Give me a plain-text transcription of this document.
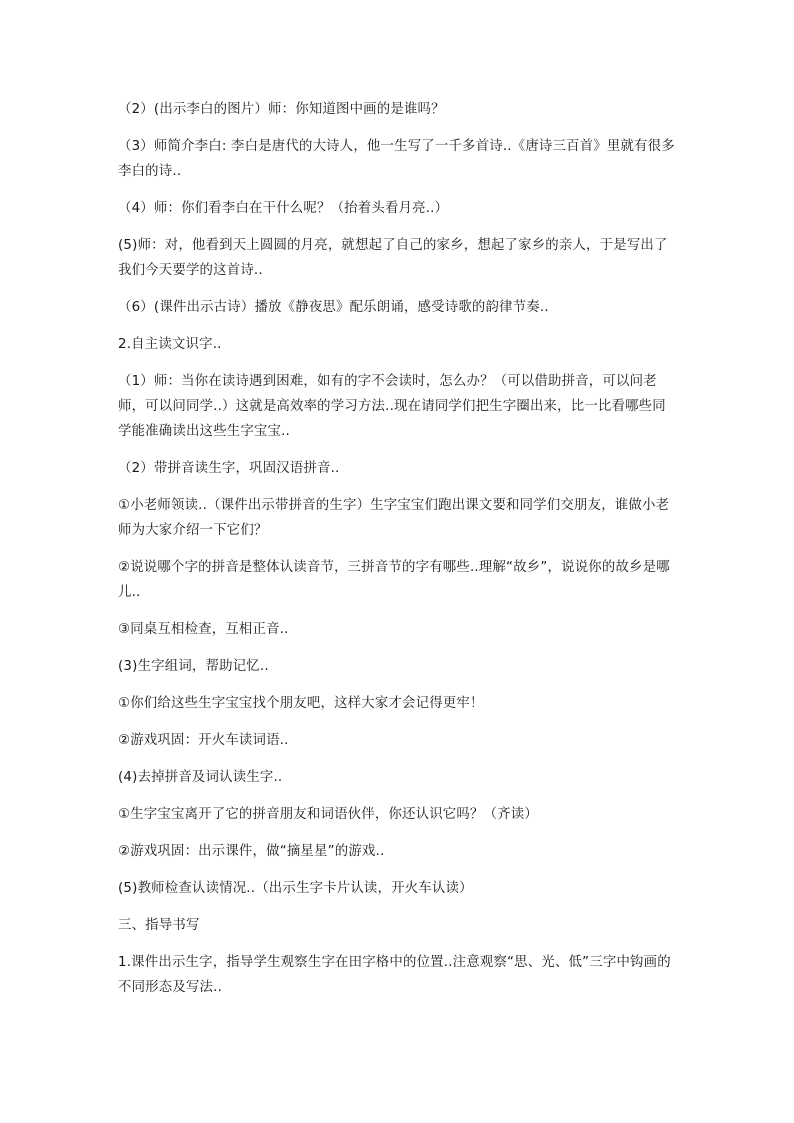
（2）(出示李白的图片）师：你知道图中画的是谁吗？

（3）师简介李白: 李白是唐代的大诗人，他一生写了一千多首诗..《唐诗三百首》里就有很多李白的诗..

（4）师：你们看李白在干什么呢？（抬着头看月亮..）

(5)师：对，他看到天上圆圆的月亮，就想起了自己的家乡，想起了家乡的亲人，于是写出了我们今天要学的这首诗..

（6）(课件出示古诗）播放《静夜思》配乐朗诵，感受诗歌的韵律节奏..

2.自主读文识字..

（1）师：当你在读诗遇到困难，如有的字不会读时，怎么办？（可以借助拼音，可以问老师，可以问同学..）这就是高效率的学习方法..现在请同学们把生字圈出来，比一比看哪些同学能准确读出这些生字宝宝..

（2）带拼音读生字，巩固汉语拼音..

①小老师领读..（课件出示带拼音的生字）生字宝宝们跑出课文要和同学们交朋友，谁做小老师为大家介绍一下它们？

②说说哪个字的拼音是整体认读音节，三拼音节的字有哪些..理解“故乡”，说说你的故乡是哪儿..

③同桌互相检查，互相正音..

(3)生字组词，帮助记忆..

①你们给这些生字宝宝找个朋友吧，这样大家才会记得更牢！

②游戏巩固：开火车读词语..

(4)去掉拼音及词认读生字..

①生字宝宝离开了它的拼音朋友和词语伙伴，你还认识它吗？（齐读）

②游戏巩固：出示课件，做“摘星星”的游戏..

(5)教师检查认读情况..（出示生字卡片认读，开火车认读）

三、指导书写

1.课件出示生字，指导学生观察生字在田字格中的位置..注意观察“思、光、低”三字中钩画的不同形态及写法..
